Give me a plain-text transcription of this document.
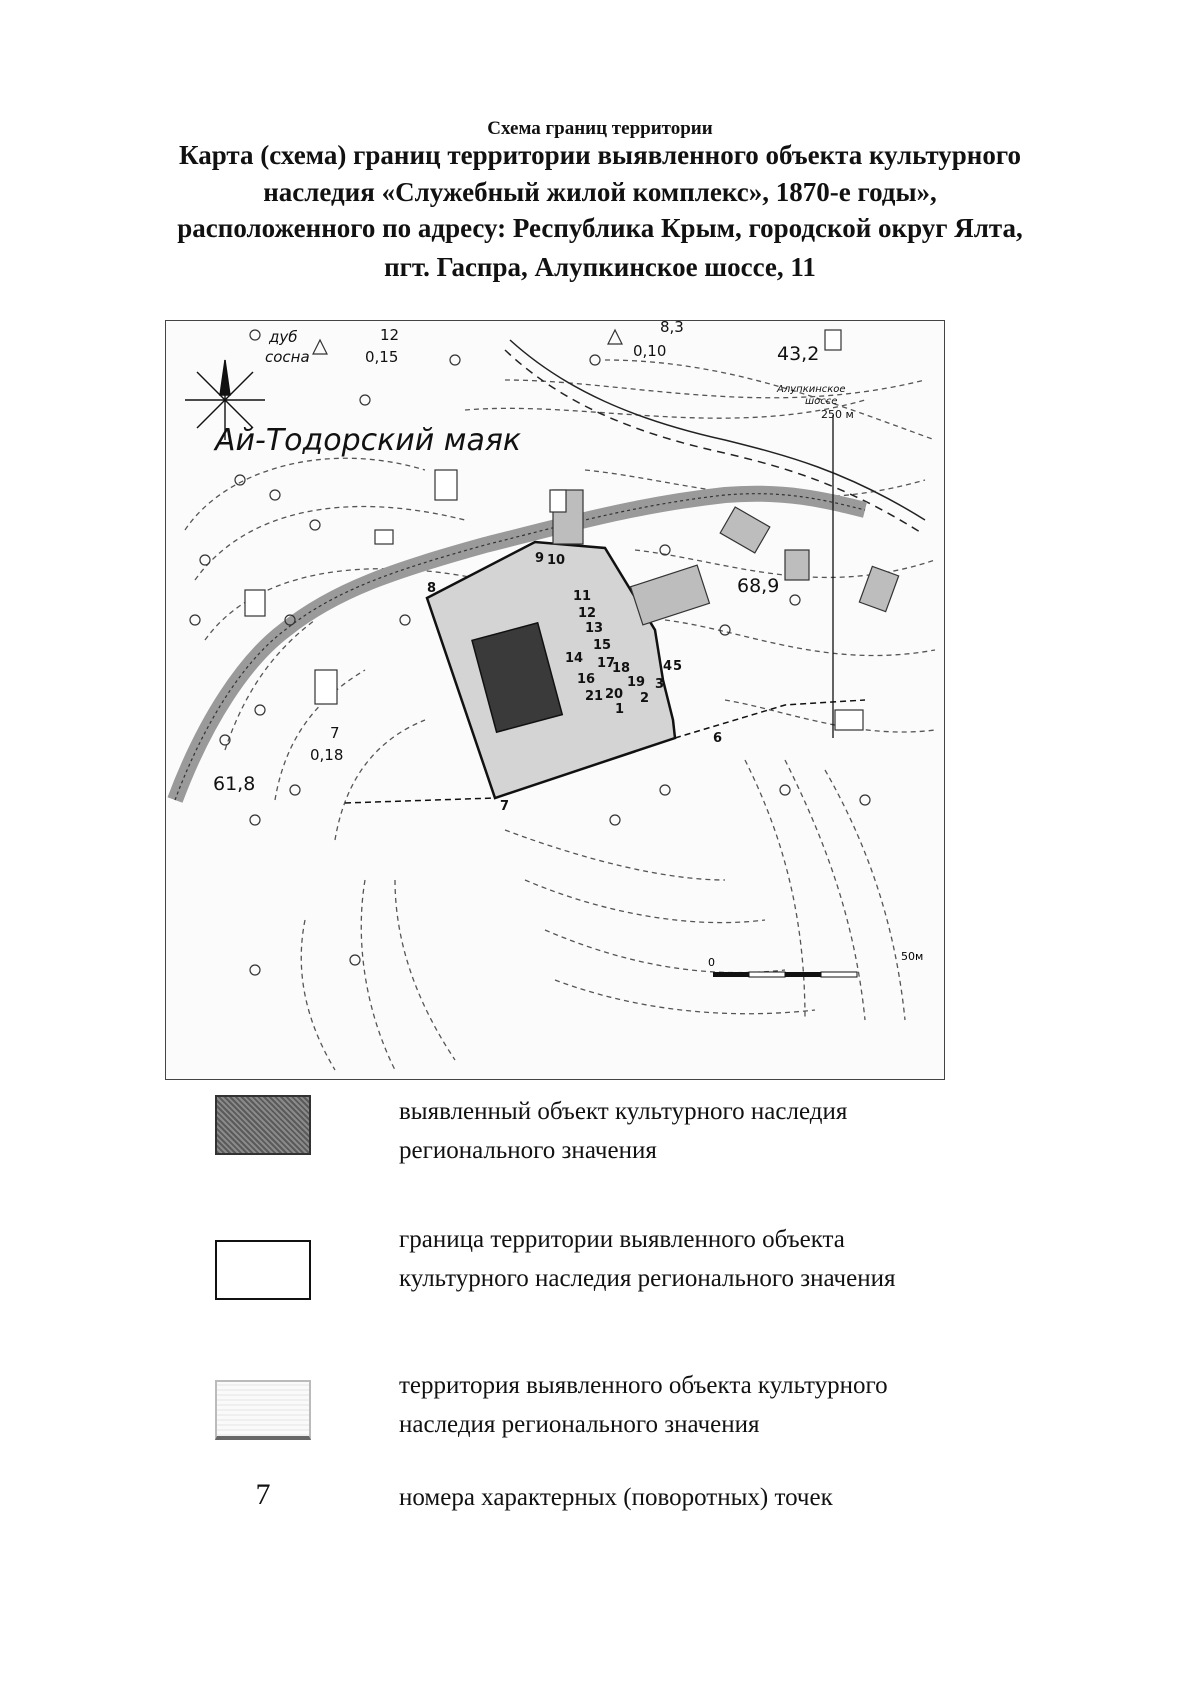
Схема границ территории
Карта (схема) границ территории выявленного объекта культурного
наследия «Служебный жилой комплекс», 1870-е годы»,
расположенного по адресу: Республика Крым, городской округ Ялта,
пгт. Гаспра, Алупкинское шоссе, 11
Ай-Тодорский маяк
Алупкинское
шоссе
250 м
дуб
сосна
12
0,15
8,3
0,10
7
0,18
43,2
68,9
61,8
1
2
3
4 5
6
7
8
9 10
11
12
13
14
15
16
17
18
19
20
21
0	50м
выявленный объект культурного наследия
регионального значения
граница территории выявленного объекта
культурного наследия регионального значения
территория выявленного объекта культурного
наследия регионального значения
7	номера характерных (поворотных) точек
